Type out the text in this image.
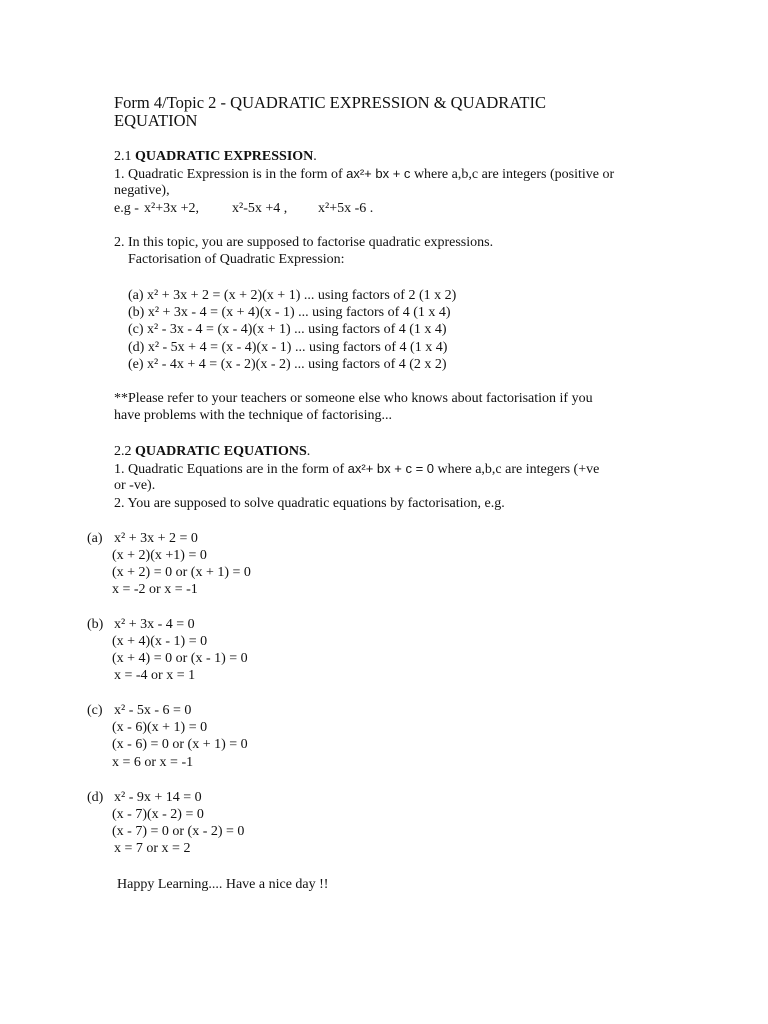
Form 4/Topic 2 - QUADRATIC EXPRESSION & QUADRATIC
EQUATION
2.1 QUADRATIC EXPRESSION.
1. Quadratic Expression is in the form of ax²+ bx + c where a,b,c are integers (positive or
negative),
e.g - x²+3x +2, x²-5x +4 , x²+5x -6 .
2. In this topic, you are supposed to factorise quadratic expressions.
Factorisation of Quadratic Expression:
(a) x² + 3x + 2 = (x + 2)(x + 1) ... using factors of 2 (1 x 2)
(b) x² + 3x - 4 = (x + 4)(x - 1) ... using factors of 4 (1 x 4)
(c) x² - 3x - 4 = (x - 4)(x + 1) ... using factors of 4 (1 x 4)
(d) x² - 5x + 4 = (x - 4)(x - 1) ... using factors of 4 (1 x 4)
(e) x² - 4x + 4 = (x - 2)(x - 2) ... using factors of 4 (2 x 2)
**Please refer to your teachers or someone else who knows about factorisation if you
have problems with the technique of factorising...
2.2 QUADRATIC EQUATIONS.
1. Quadratic Equations are in the form of ax²+ bx + c = 0 where a,b,c are integers (+ve
or -ve).
2. You are supposed to solve quadratic equations by factorisation, e.g.
(a) x² + 3x + 2 = 0
(x + 2)(x +1) = 0
(x + 2) = 0 or (x + 1) = 0
x = -2 or x = -1
(b) x² + 3x - 4 = 0
(x + 4)(x - 1) = 0
(x + 4) = 0 or (x - 1) = 0
x = -4 or x = 1
(c) x² - 5x - 6 = 0
(x - 6)(x + 1) = 0
(x - 6) = 0 or (x + 1) = 0
x = 6 or x = -1
(d) x² - 9x + 14 = 0
(x - 7)(x - 2) = 0
(x - 7) = 0 or (x - 2) = 0
x = 7 or x = 2
Happy Learning.... Have a nice day !!
